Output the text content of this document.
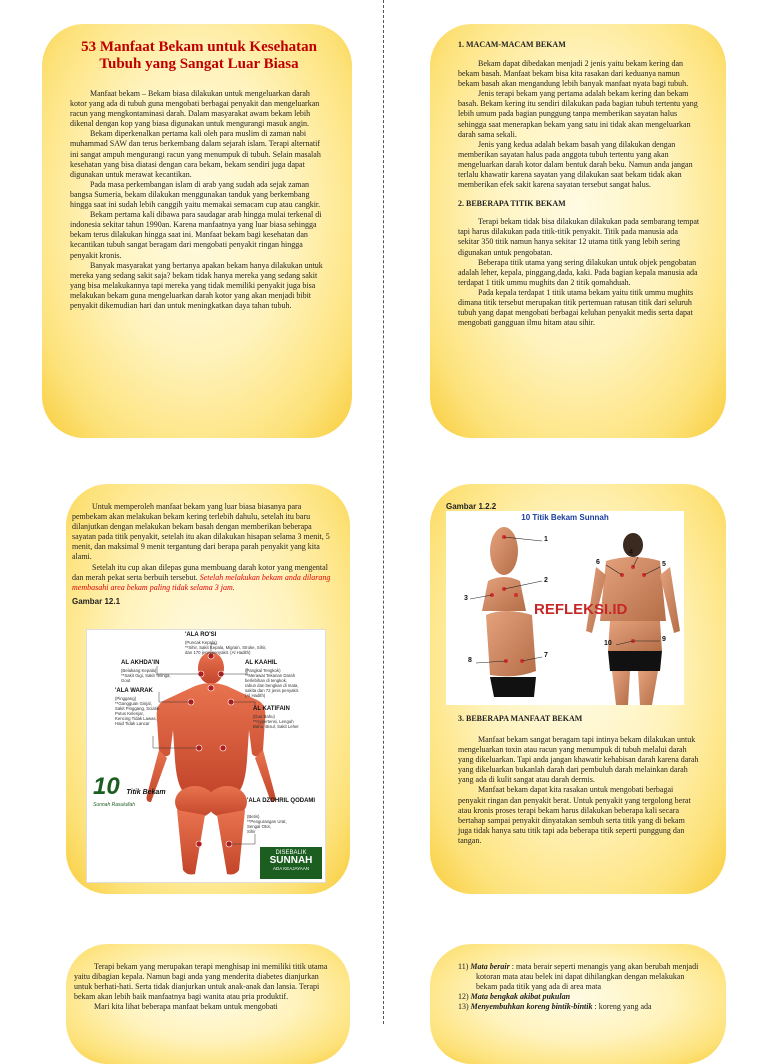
53 Manfaat Bekam untuk Kesehatan Tubuh yang Sangat Luar Biasa

Manfaat bekam – Bekam biasa dilakukan untuk mengeluarkan darah kotor yang ada di tubuh guna mengobati berbagai penyakit dan mengeluarkan racun yang mengkontaminasi darah. Dalam masyarakat awam bekam lebih dikenal dengan kop yang biasa digunakan untuk mengurangi masuk angin.

Bekam diperkenalkan pertama kali oleh para muslim di zaman nabi muhammad SAW dan terus berkembang dalam sejarah islam. Terapi alternatif ini sangat ampuh mengurangi racun yang menumpuk di tubuh. Selain masalah kesehatan yang bisa diatasi dengan cara bekam, bekam sendiri juga dapat digunakan untuk merawat kecantikan.

Pada masa perkembangan islam di arab yang sudah ada sejak zaman bangsa Sumeria, bekam dilakukan menggunakan tanduk yang berkembang hingga saat ini sudah lebih canggih yaitu memakai semacam cup atau cangkir.

Bekam pertama kali dibawa para saudagar arab hingga mulai terkenal di indonesia sekitar tahun 1990an. Karena manfaatnya yang luar biasa sehingga bekam terus dilakukan hingga saat ini. Manfaat bekam bagi kesehatan dan kecantikan tubuh sangat beragam dari mengobati penyakit ringan hingga penyakit kronis.

Banyak masyarakat yang bertanya apakan bekam hanya dilakukan untuk mereka yang sedang sakit saja? bekam tidak hanya mereka yang sedang sakit yang bisa melakukannya tapi mereka yang tidak memiliki penyakit juga bisa melakukan bekam guna mengeluarkan darah kotor yang akan menjadi bibit penyakit dikemudian hari dan untuk meningkatkan daya tahan tubuh.

1. MACAM-MACAM BEKAM

Bekam dapat dibedakan menjadi 2 jenis yaitu bekam kering dan bekam basah. Manfaat bekam bisa kita rasakan dari keduanya namun bekam basah akan mengandung lebih banyak manfaat nyata bagi tubuh.

Jenis terapi bekam yang pertama adalah bekam kering dan bekam basah. Bekam kering itu sendiri dilakukan pada bagian tubuh tertentu yang lebih umum pada bagian punggung tanpa memberikan sayatan halus sehingga saat menerapkan bekam yang satu ini tidak akan mengeluarkan darah sama sekali.

Jenis yang kedua adalah bekam basah yang dilakukan dengan memberikan sayatan halus pada anggota tubuh tertentu yang akan mengeluarkan darah kotor dalam bentuk darah beku. Namun anda jangan terlalu khawatir karena sayatan yang dilakukan saat bekam tidak akan memberikan efek sakit karena sayatan tersebut sangat halus.

2. BEBERAPA TITIK BEKAM

Terapi bekam tidak bisa dilakukan dilakukan pada sembarang tempat tapi harus dilakukan pada titik-titik penyakit. Titik pada manusia ada sekitar 350 titik namun hanya sekitar 12 utama titik yang lebih sering digunakan untuk pengobatan.

Beberapa titik utama yang sering dilakukan untuk objek pengobatan adalah leher, kepala, pinggang,dada, kaki. Pada bagian kepala manusia ada terdapat 1 titik ummu mughits dan 2 titik qomahduah.

Pada kepala terdapat 1 titik utama bekam yaitu titik ummu mughits dimana titik tersebut merupakan titik pertemuan ratusan titik dari seluruh tubuh yang dapat mengobati berbagai keluhan penyakit medis serta dapat mengobati gangguan ilmu hitam atau sihir.

Untuk memperoleh manfaat bekam yang luar biasa biasanya para pembekam akan melakukan bekam kering terlebih dahulu, setelah itu baru dilanjutkan dengan melakukan bekam basah dengan memberikan beberapa sayatan pada titik penyakit, setelah itu akan dilakukan hisapan selama 3 menit, 5 menit, dan maksimal 9 menit tergantung dari berapa parah penyakit yang kita alami.

Setelah itu cup akan dilepas guna membuang darah kotor yang mengental dan merah pekat serta berbuih tersebut. Setelah melakukan bekam anda dilarang membasahi area bekam paling tidak selama 3 jam.

Gambar 12.1
'ALA RO'SI
(Puncak Kepala)
**Sihir, Sakit Kepala, Migrain, Stroke, Sihir,
dan 170 jenis penyakit. (Al Hadith)
AL AKHDA'IN
(Belakang Kepala)
**Sakit Gigi, Sakit Telinga,
Gout
AL KAAHIL
(Pangkal Tengkok)
**Merawat Tekanan Darah
berlebihan di tengkok,
rabun dan bengkan di mata,
sakita dan 72 jenis penyakit.
(Al Hadith)
'ALA WARAK
(Pinggang)
**Gangguan Ginjal,
Sakit Pinggang, Sciatik
Putus Kelenjar,
Kencing Tidak Lawas,
Haid Tidak Lancar
AL KATIFAIN
(Dua Bahu)
**Hypertensi, Lenguh
Bahu, Bisul, Sakit Leher
'ALA DZOHRIL QODAMI
(Betis)
**Pengurangan Urat,
Sengal Otot,
Sihir
10 Titik Bekam
Sunnah Rasulullah
DISEBALIK
SUNNAH
ADA KEAJAYAAN
Gambar 1.2.2
10 Titik Bekam Sunnah
1
2
3
4
5
6
7
8
9
10
REFLEKSI.ID
3. BEBERAPA MANFAAT BEKAM

Manfaat bekam sangat beragam tapi intinya bekam dilakukan untuk mengeluarkan toxin atau racun yang menumpuk di tubuh melalui darah yang dikeluarkan. Tapi anda jangan khawatir kehabisan darah karena darah yang dikeluarkan bukanlah darah dari pembuluh darah melainkan darah yang ada di kulit sangat atau darah dermis.

Manfaat bekam dapat kita rasakan untuk mengobati berbagai penyakit ringan dan penyakit berat. Untuk penyakit yang tergolong berat atau kronis proses terapi bekam harus dilakukan beberapa kali secara bertahap sampai penyakit dinyatakan sembuh serta titik yang di bekam juga tidak hanya satu titik tapi ada beberapa titik seperti punggung dan tangan.

Terapi bekam yang merupakan terapi menghisap ini memiliki titik utama yaitu dibagian kepala. Namun bagi anda yang menderita diabetes dianjurkan untuk berhati-hati. Serta tidak dianjurkan untuk anak-anak dan lansia. Terapi bekam akan lebih baik manfaatnya bagi wanita atau pria produktif.

Mari kita lihat beberapa manfaat bekam untuk mengobati

11) Mata berair : mata berair seperti menangis yang akan berubah menjadi kotoran mata atau belek ini dapat dihilangkan dengan melakukan bekam pada titik yang ada di area mata
12) Mata bengkak akibat pukulan
13) Menyembuhkan koreng bintik-bintik : koreng yang ada
